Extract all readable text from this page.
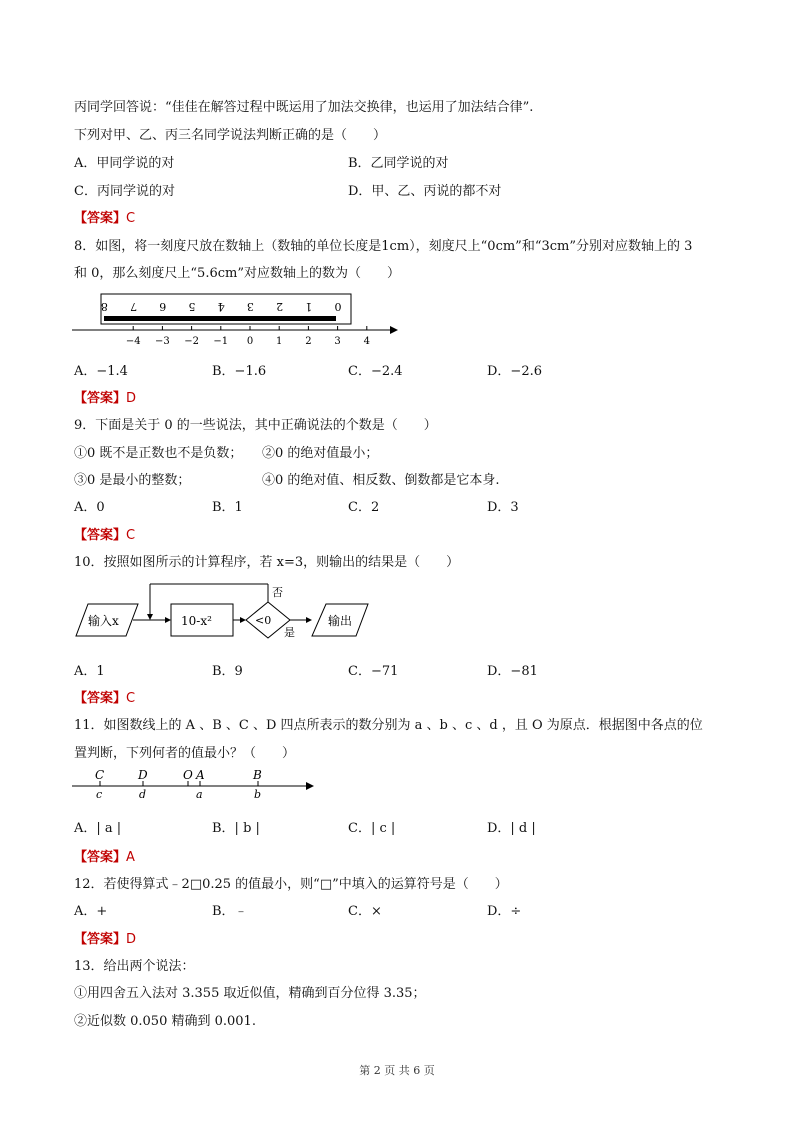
丙同学回答说：“佳佳在解答过程中既运用了加法交换律，也运用了加法结合律”.
下列对甲、乙、丙三名同学说法判断正确的是（　　）
A．甲同学说的对	B．乙同学说的对
C．丙同学说的对	D．甲、乙、丙说的都不对
【答案】C
8．如图，将一刻度尺放在数轴上（数轴的单位长度是1cm），刻度尺上“0cm”和“3cm”分别对应数轴上的 3
和 0，那么刻度尺上“5.6cm”对应数轴上的数为（　　）
8 7 6 5 4 3 2 1 0
−4 −3 −2 −1 0 1 2 3 4
A．−1.4	B．−1.6	C．−2.4	D．−2.6
【答案】D
9．下面是关于 0 的一些说法，其中正确说法的个数是（　　）
①0 既不是正数也不是负数； ②0 的绝对值最小；
③0 是最小的整数；	④0 的绝对值、相反数、倒数都是它本身.
A．0	B．1	C．2	D．3
【答案】C
10．按照如图所示的计算程序，若 x=3，则输出的结果是（　　）
输入x	10-x²	<0
否
是
输出
A．1	B．9	C．−71	D．−81
【答案】C
11．如图数线上的 A 、B 、C 、D 四点所表示的数分别为 a 、b 、c 、d ，且 O 为原点．根据图中各点的位
置判断，下列何者的值最小？（　　）
C	D	O A	B
c	d	a	b
A．| a |	B．| b |	C．| c |	D．| d |
【答案】A
12．若使得算式﹣2□0.25 的值最小，则“□”中填入的运算符号是（　　）
A．+	B．﹣	C．×	D．÷
【答案】D
13．给出两个说法：
①用四舍五入法对 3.355 取近似值，精确到百分位得 3.35；
②近似数 0.050 精确到 0.001.
第 2 页 共 6 页
